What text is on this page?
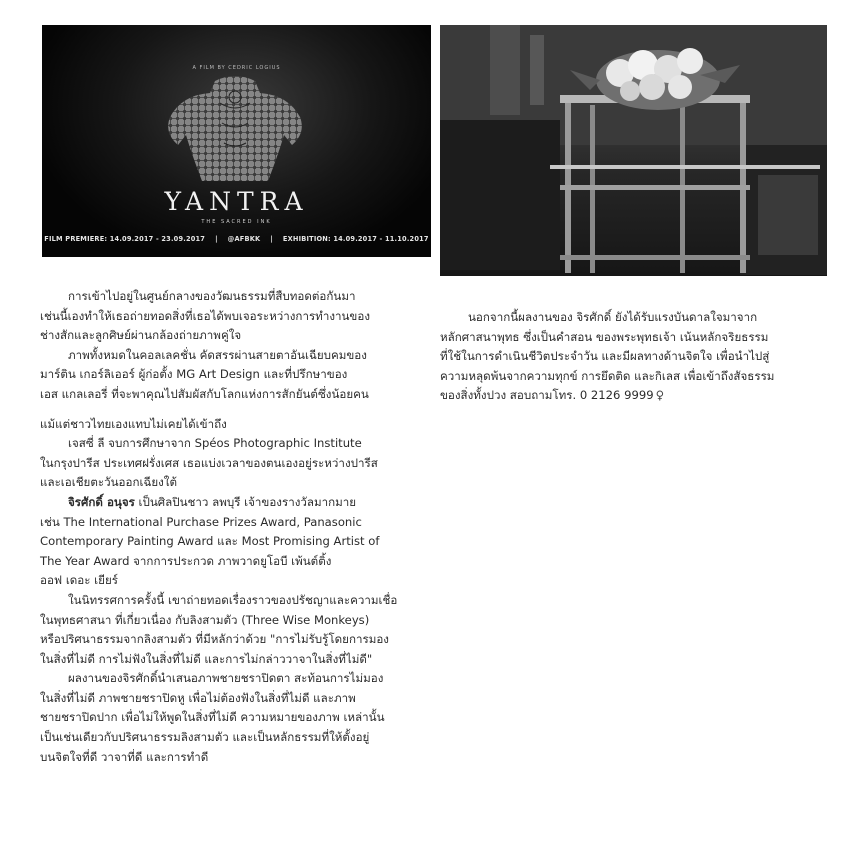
A FILM BY CEDRIC LOGIUS
YANTRA
THE SACRED INK
FILM PREMIERE: 14.09.2017 - 23.09.2017    |    @AFBKK    |    EXHIBITION: 14.09.2017 - 11.10.2017

การเข้าไปอยู่ในศูนย์กลางของวัฒนธรรมที่สืบทอดต่อกันมา

เช่นนี้เองทำให้เธอถ่ายทอดสิ่งที่เธอได้พบเจอระหว่างการทำงานของ

ช่างสักและลูกศิษย์ผ่านกล้องถ่ายภาพคู่ใจ

ภาพทั้งหมดในคอลเลคชั่น คัดสรรผ่านสายตาอันเฉียบคมของ

มาร์ติน เกอร์ลิเออร์ ผู้ก่อตั้ง MG Art Design และที่ปรึกษาของ

เอส แกลเลอรี่ ที่จะพาคุณไปสัมผัสกับโลกแห่งการสักยันต์ซึ่งน้อยคน

แม้แต่ชาวไทยเองแทบไม่เคยได้เข้าถึง

เจสซี่ ลี จบการศึกษาจาก Spéos Photographic Institute

ในกรุงปารีส ประเทศฝรั่งเศส เธอแบ่งเวลาของตนเองอยู่ระหว่างปารีส

และเอเชียตะวันออกเฉียงใต้

จิรศักดิ์ อนุจร เป็นศิลปินชาว ลพบุรี เจ้าของรางวัลมากมาย

เช่น The International Purchase Prizes Award, Panasonic

Contemporary Painting Award และ Most Promising Artist of

The Year Award จากการประกวด ภาพวาดยูโอบี เพ้นต์ติ้ง

ออฟ เดอะ เยียร์

ในนิทรรศการครั้งนี้ เขาถ่ายทอดเรื่องราวของปรัชญาและความเชื่อ

ในพุทธศาสนา ที่เกี่ยวเนื่อง กับลิงสามตัว (Three Wise Monkeys)

หรือปริศนาธรรมจากลิงสามตัว ที่มีหลักว่าด้วย "การไม่รับรู้โดยการมอง

ในสิ่งที่ไม่ดี การไม่ฟังในสิ่งที่ไม่ดี และการไม่กล่าววาจาในสิ่งที่ไม่ดี"

ผลงานของจิรศักดิ์นำเสนอภาพชายชราปิดตา สะท้อนการไม่มอง

ในสิ่งที่ไม่ดี ภาพชายชราปิดหู เพื่อไม่ต้องฟังในสิ่งที่ไม่ดี และภาพ

ชายชราปิดปาก เพื่อไม่ให้พูดในสิ่งที่ไม่ดี ความหมายของภาพ เหล่านั้น

เป็นเช่นเดียวกับปริศนาธรรมลิงสามตัว และเป็นหลักธรรมที่ให้ตั้งอยู่

บนจิตใจที่ดี วาจาที่ดี และการทำดี

นอกจากนี้ผลงานของ จิรศักดิ์ ยังได้รับแรงบันดาลใจมาจาก

หลักศาสนาพุทธ ซึ่งเป็นคำสอน ของพระพุทธเจ้า เน้นหลักจริยธรรม

ที่ใช้ในการดำเนินชีวิตประจำวัน และมีผลทางด้านจิตใจ เพื่อนำไปสู่

ความหลุดพ้นจากความทุกข์ การยึดติด และกิเลส เพื่อเข้าถึงสัจธรรม

ของสิ่งทั้งปวง สอบถามโทร. 0 2126 9999 ♀
